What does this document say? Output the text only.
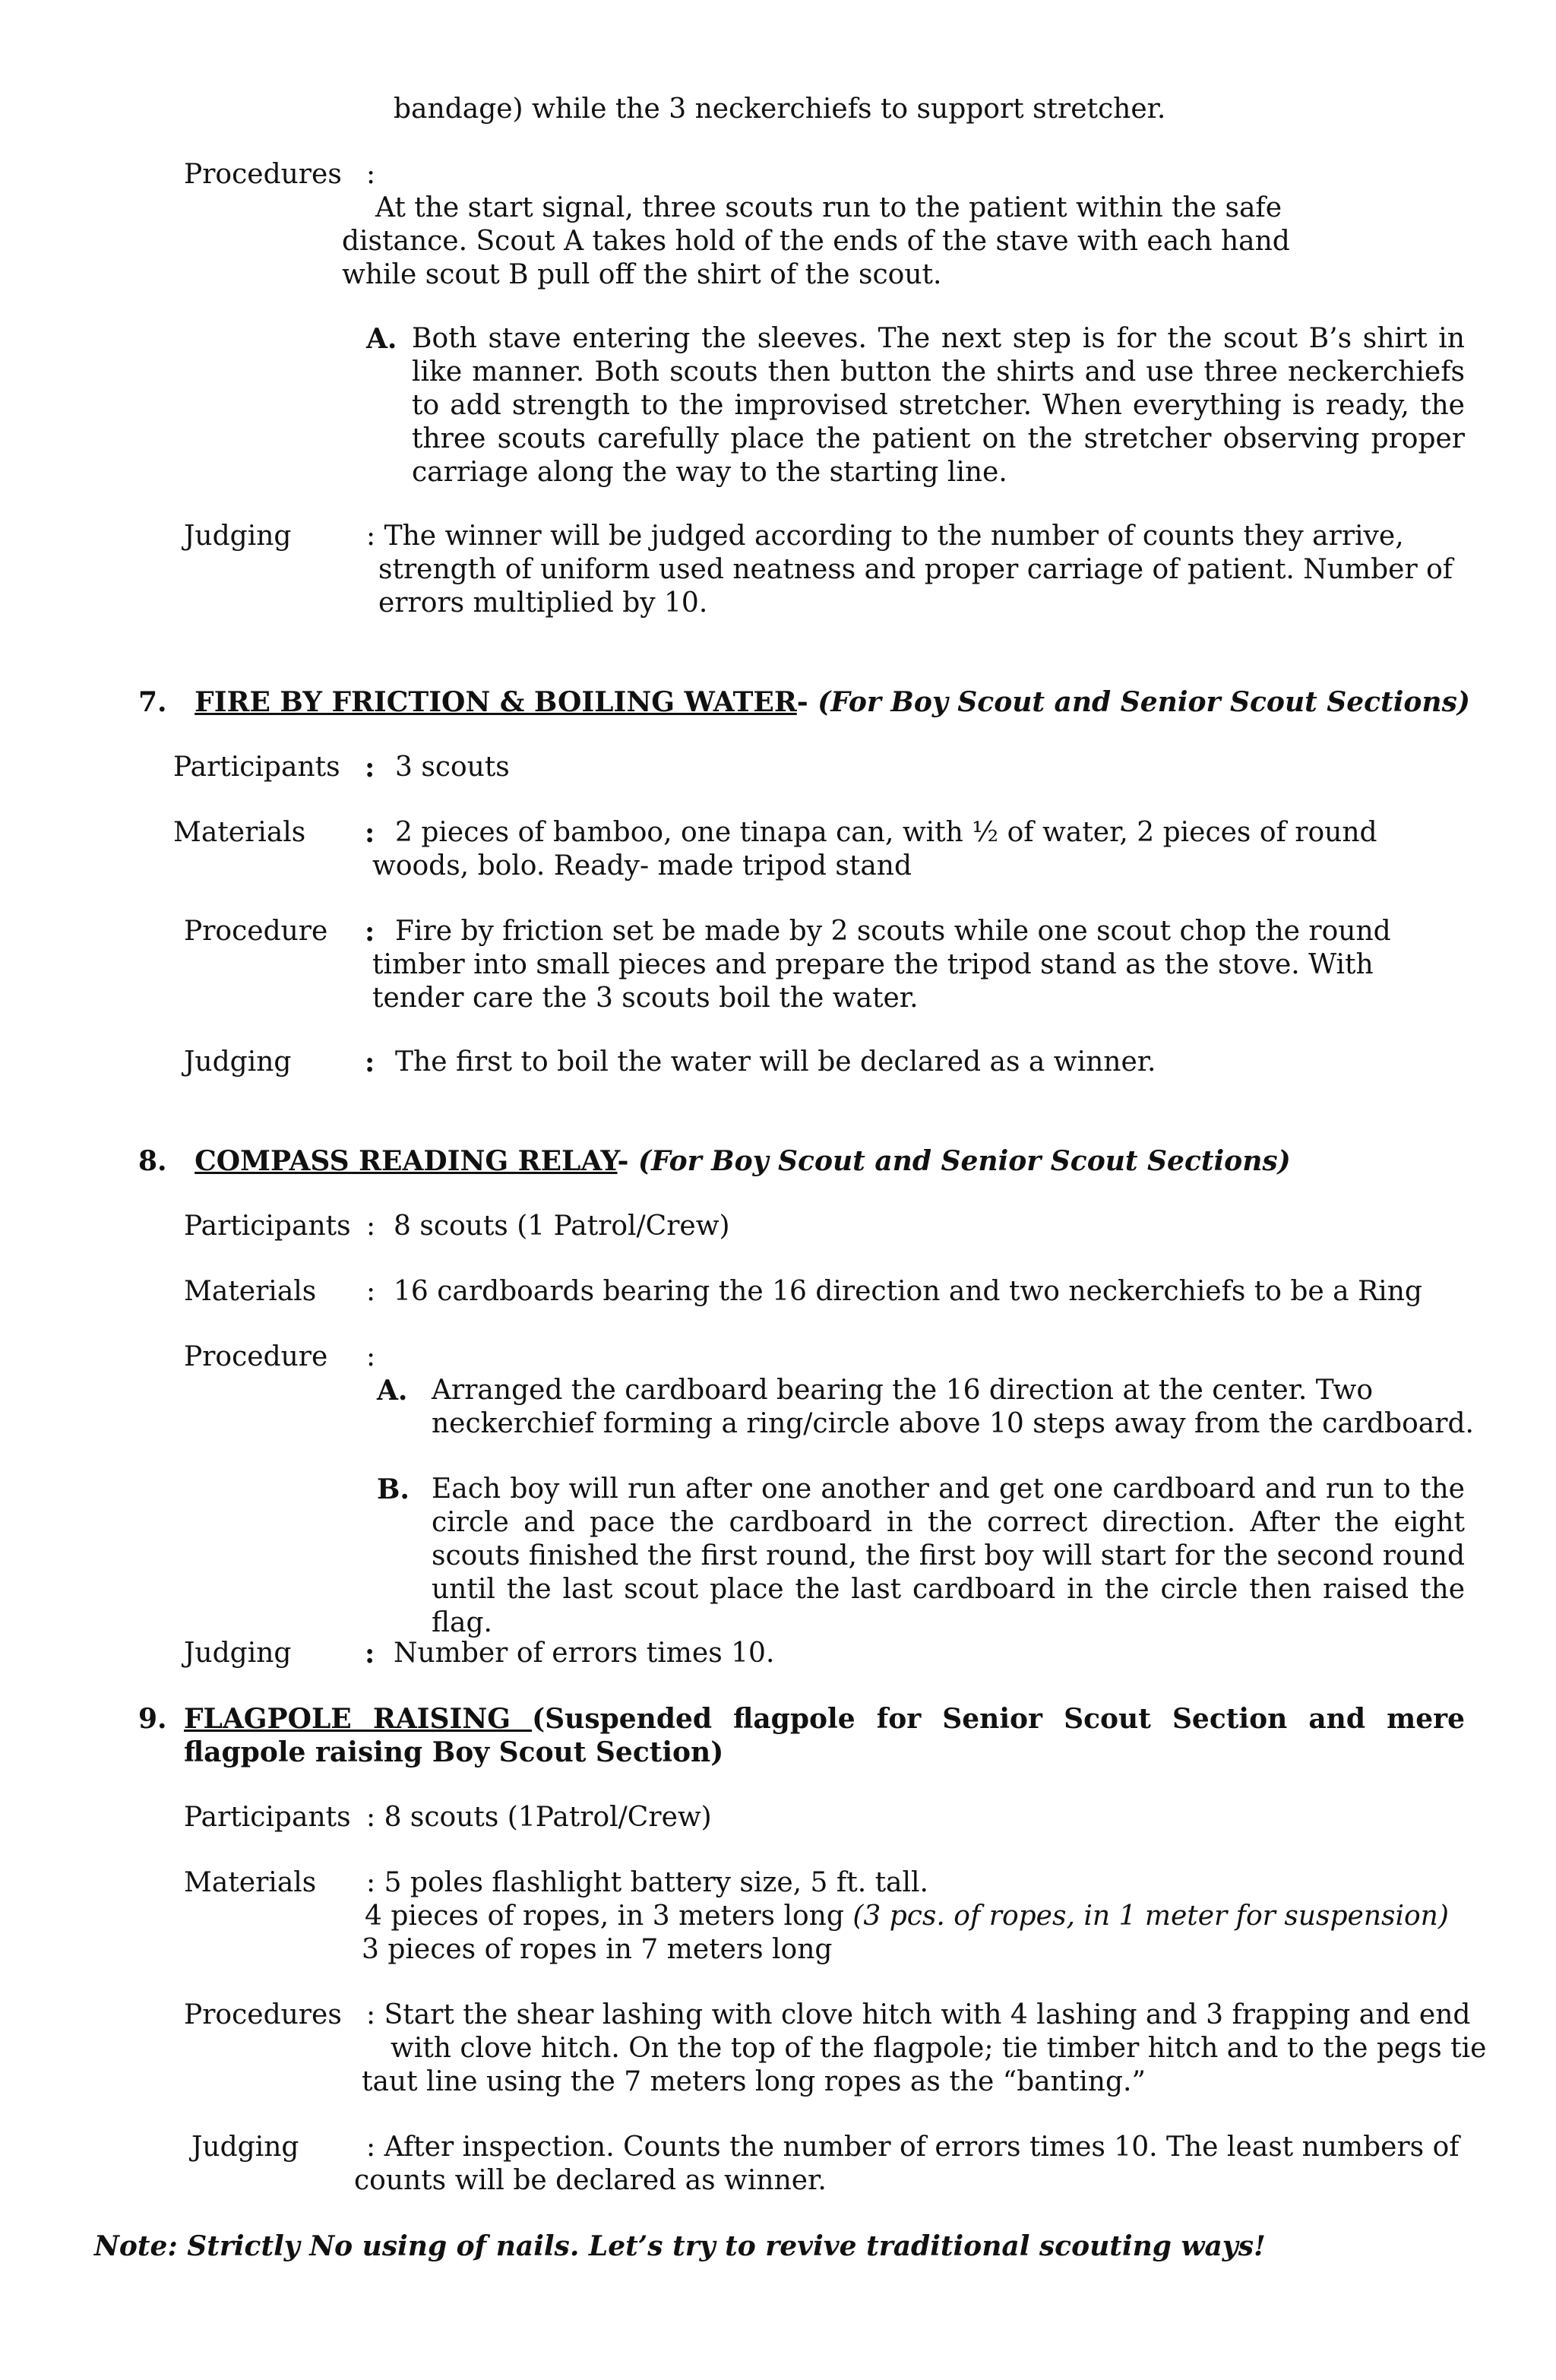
bandage) while the 3 neckerchiefs to support stretcher.
Procedures :
At the start signal, three scouts run to the patient within the safe
distance. Scout A takes hold of the ends of the stave with each hand
while scout B pull off the shirt of the scout.
A. Both stave entering the sleeves. The next step is for the scout B’s shirt in like manner. Both scouts then button the shirts and use three neckerchiefs to add strength to the improvised stretcher. When everything is ready, the three scouts carefully place the patient on the stretcher observing proper carriage along the way to the starting line.
Judging	: The winner will be judged according to the number of counts they arrive,
strength of uniform used neatness and proper carriage of patient. Number of
errors multiplied by 10.
7. FIRE BY FRICTION & BOILING WATER- (For Boy Scout and Senior Scout Sections)
Participants : 3 scouts
Materials : 2 pieces of bamboo, one tinapa can, with ½ of water, 2 pieces of round
woods, bolo. Ready- made tripod stand
Procedure : Fire by friction set be made by 2 scouts while one scout chop the round
timber into small pieces and prepare the tripod stand as the stove. With
tender care the 3 scouts boil the water.
Judging	: The first to boil the water will be declared as a winner.
8. COMPASS READING RELAY- (For Boy Scout and Senior Scout Sections)
Participants : 8 scouts (1 Patrol/Crew)
Materials : 16 cardboards bearing the 16 direction and two neckerchiefs to be a Ring
Procedure :
A. Arranged the cardboard bearing the 16 direction at the center. Two
neckerchief forming a ring/circle above 10 steps away from the cardboard.
B. Each boy will run after one another and get one cardboard and run to the circle and pace the cardboard in the correct direction. After the eight scouts finished the first round, the first boy will start for the second round until the last scout place the last cardboard in the circle then raised the flag.
Judging	: Number of errors times 10.
9. FLAGPOLE RAISING (Suspended flagpole for Senior Scout Section and mere flagpole raising Boy Scout Section)
Participants : 8 scouts (1Patrol/Crew)
Materials : 5 poles flashlight battery size, 5 ft. tall.
4 pieces of ropes, in 3 meters long (3 pcs. of ropes, in 1 meter for suspension)
3 pieces of ropes in 7 meters long
Procedures : Start the shear lashing with clove hitch with 4 lashing and 3 frapping and end
with clove hitch. On the top of the flagpole; tie timber hitch and to the pegs tie
taut line using the 7 meters long ropes as the “banting.”
Judging : After inspection. Counts the number of errors times 10. The least numbers of
counts will be declared as winner.
Note: Strictly No using of nails. Let’s try to revive traditional scouting ways!
